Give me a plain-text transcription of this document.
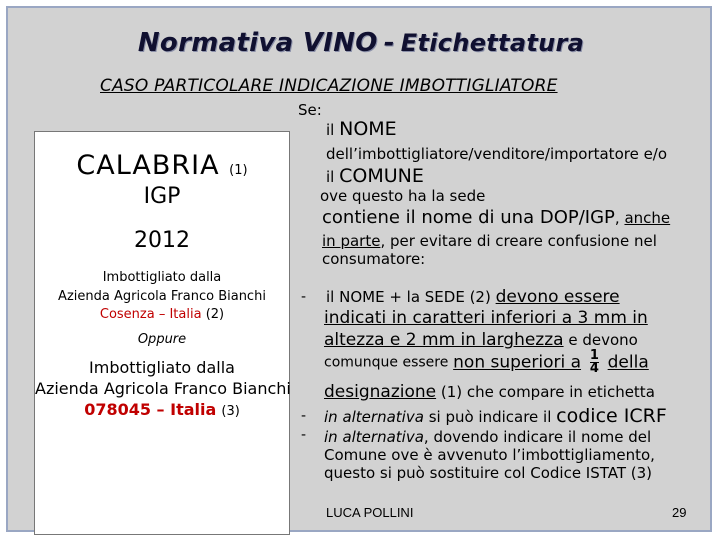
Normativa VINO - Etichettatura
CASO PARTICOLARE INDICAZIONE IMBOTTIGLIATORE
Se:
CALABRIA (1)
IGP
2012
Imbottigliato dalla
Azienda Agricola Franco Bianchi
Cosenza – Italia (2)
Oppure
Imbottigliato dalla
Azienda Agricola Franco Bianchi
078045 – Italia (3)
il NOME
dell’imbottigliatore/venditore/importatore e/o
il COMUNE
ove questo ha la sede
contiene il nome di una DOP/IGP, anche
in parte, per evitare di creare confusione nel
consumatore:
-
-
-
il NOME + la SEDE (2) devono essere
indicati in caratteri inferiori a 3 mm in
altezza e 2 mm in larghezza e devono
comunque essere non superiori a $\frac{1}{4}$ della
designazione (1) che compare in etichetta
in alternativa si può indicare il codice ICRF
in alternativa, dovendo indicare il nome del
Comune ove è avvenuto l’imbottigliamento,
questo si può sostituire col Codice ISTAT (3)
LUCA POLLINI	29
